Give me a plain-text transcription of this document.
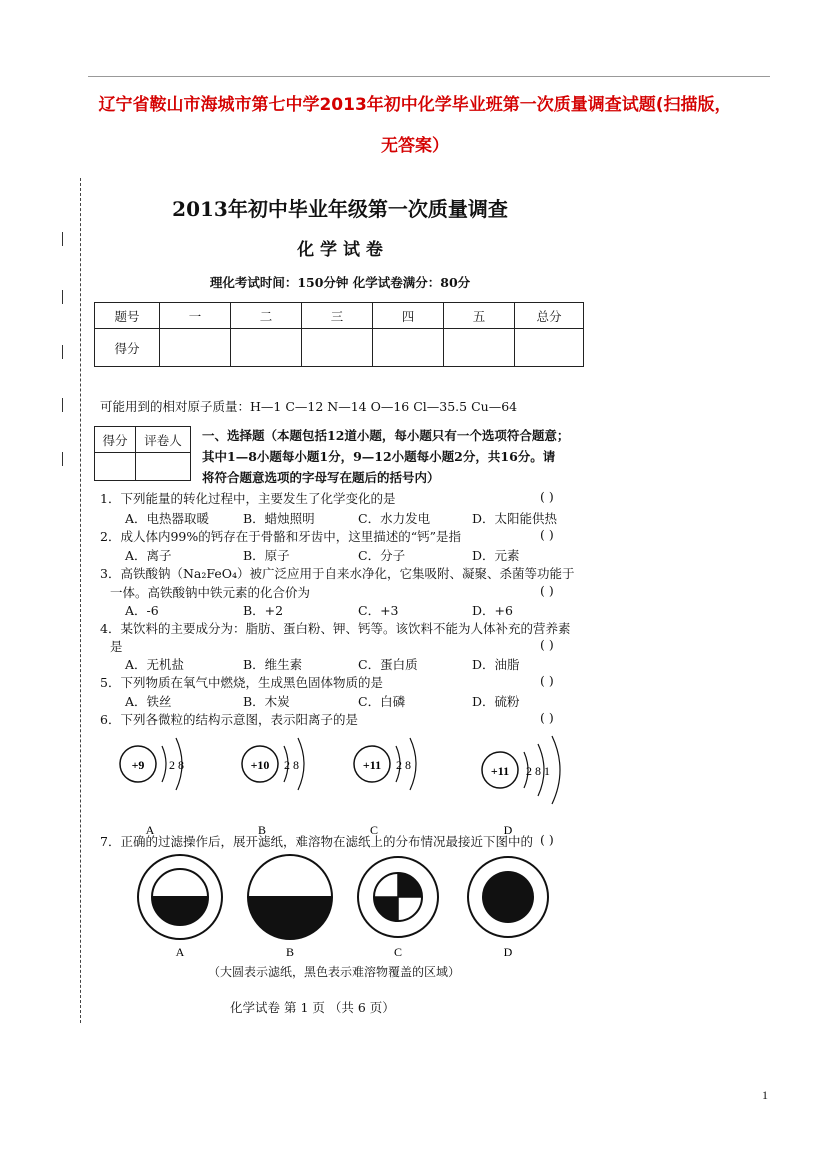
辽宁省鞍山市海城市第七中学2013年初中化学毕业班第一次质量调查试题(扫描版，
无答案）
2013年初中毕业年级第一次质量调查
化 学 试 卷
理化考试时间：150分钟 化学试卷满分：80分
题号	一	二	三	四	五	总分
得分						
可能用到的相对原子质量：H—1 C—12 N—14 O—16 Cl—35.5 Cu—64
得分	评卷人
	一、选择题（本题包括12道小题，每小题只有一个选项符合题意；
其中1—8小题每小题1分，9—12小题每小题2分，共16分。请
将符合题意选项的字母写在题后的括号内）
1．下列能量的转化过程中，主要发生了化学变化的是	( )
A．电热器取暖	B．蜡烛照明	C．水力发电	D．太阳能供热
2．成人体内99%的钙存在于骨骼和牙齿中，这里描述的“钙”是指	( )
A．离子	B．原子	C．分子	D．元素
3．高铁酸钠（Na₂FeO₄）被广泛应用于自来水净化，它集吸附、凝聚、杀菌等功能于
一体。高铁酸钠中铁元素的化合价为	( )
A．-6	B．+2	C．+3	D．+6
4．某饮料的主要成分为：脂肪、蛋白粉、钾、钙等。该饮料不能为人体补充的营养素
是	( )
A．无机盐	B．维生素	C．蛋白质	D．油脂
5．下列物质在氧气中燃烧，生成黑色固体物质的是	( )
A．铁丝	B．木炭	C．白磷	D．硫粉
6．下列各微粒的结构示意图，表示阳离子的是	( )
+9 2 8
A
+10 2 8
B
+11 2 8
C
+11 2 8 1
D
7．正确的过滤操作后，展开滤纸，难溶物在滤纸上的分布情况最接近下图中的 ( )
A	B	C	D
（大圆表示滤纸，黑色表示难溶物覆盖的区域）
化学试卷 第 1 页 （共 6 页）
1
